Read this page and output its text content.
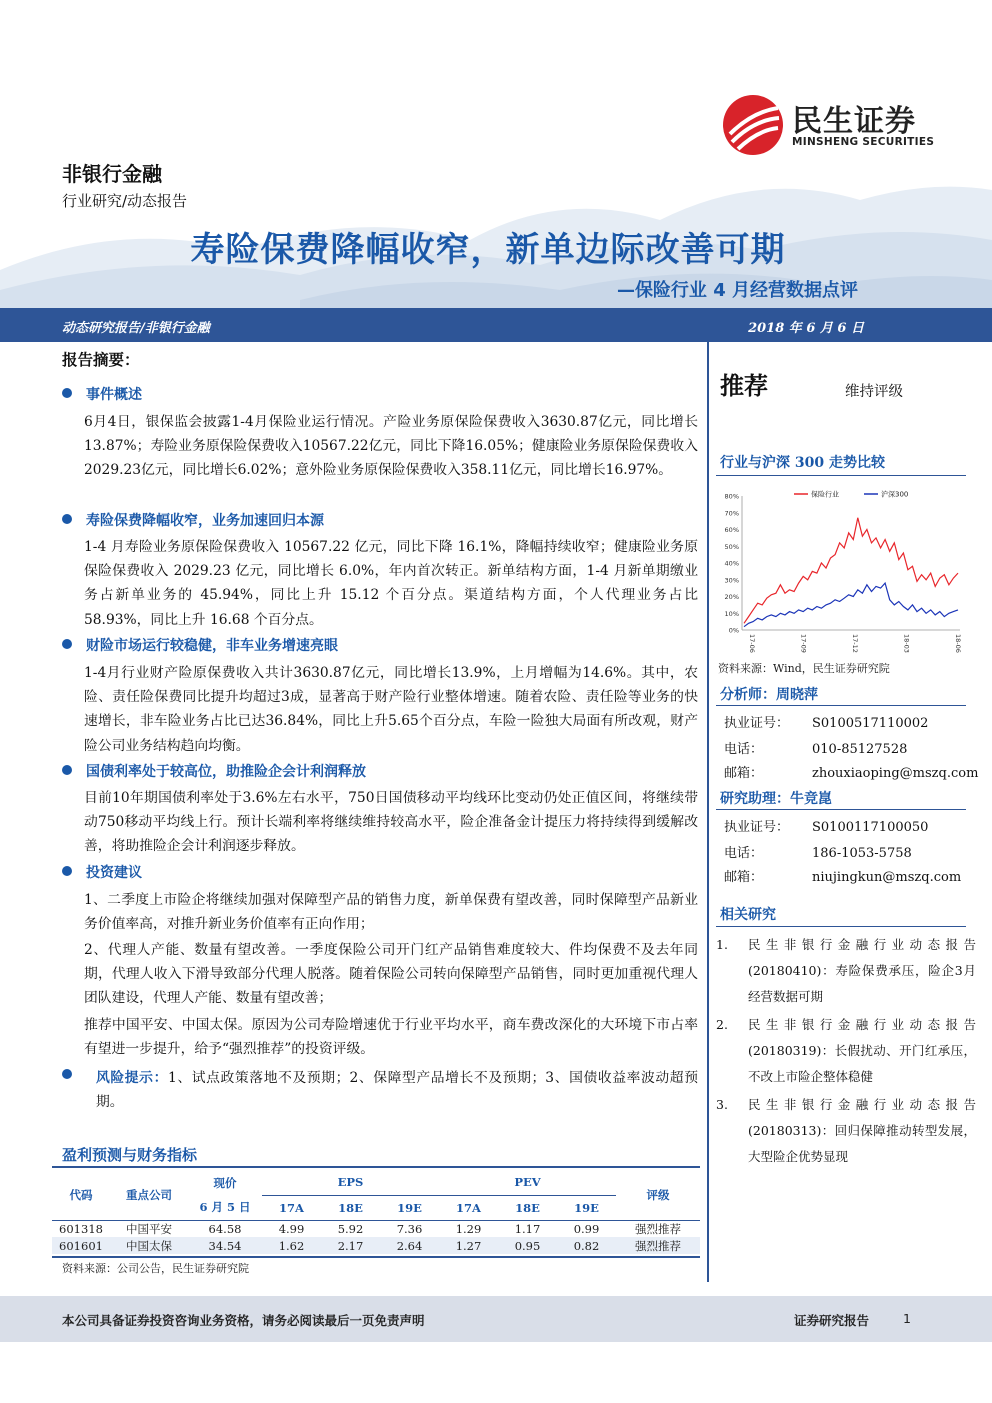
民生证券
MINSHENG SECURITIES
非银行金融
行业研究/动态报告
寿险保费降幅收窄，新单边际改善可期
—保险行业 4 月经营数据点评
动态研究报告/非银行金融	2018 年 6 月 6 日
报告摘要：
事件概述
6月4日，银保监会披露1-4月保险业运行情况。产险业务原保险保费收入3630.87亿元，同比增长13.87%；寿险业务原保险保费收入10567.22亿元，同比下降16.05%；健康险业务原保险保费收入2029.23亿元，同比增长6.02%；意外险业务原保险保费收入358.11亿元，同比增长16.97%。
寿险保费降幅收窄，业务加速回归本源
1-4 月寿险业务原保险保费收入 10567.22 亿元，同比下降 16.1%，降幅持续收窄；健康险业务原保险保费收入 2029.23 亿元，同比增长 6.0%，年内首次转正。新单结构方面，1-4 月新单期缴业务占新单业务的 45.94%，同比上升 15.12 个百分点。渠道结构方面，个人代理业务占比 58.93%，同比上升 16.68 个百分点。
财险市场运行较稳健，非车业务增速亮眼
1-4月行业财产险原保费收入共计3630.87亿元，同比增长13.9%，上月增幅为14.6%。其中，农险、责任险保费同比提升均超过3成，显著高于财产险行业整体增速。随着农险、责任险等业务的快速增长，非车险业务占比已达36.84%，同比上升5.65个百分点，车险一险独大局面有所改观，财产险公司业务结构趋向均衡。
国债利率处于较高位，助推险企会计利润释放
目前10年期国债利率处于3.6%左右水平，750日国债移动平均线环比变动仍处正值区间，将继续带动750移动平均线上行。预计长端利率将继续维持较高水平，险企准备金计提压力将持续得到缓解改善，将助推险企会计利润逐步释放。
投资建议
1、二季度上市险企将继续加强对保障型产品的销售力度，新单保费有望改善，同时保障型产品新业务价值率高，对推升新业务价值率有正向作用；
2、代理人产能、数量有望改善。一季度保险公司开门红产品销售难度较大、件均保费不及去年同期，代理人收入下滑导致部分代理人脱落。随着保险公司转向保障型产品销售，同时更加重视代理人团队建设，代理人产能、数量有望改善；
推荐中国平安、中国太保。原因为公司寿险增速优于行业平均水平，商车费改深化的大环境下市占率有望进一步提升，给予“强烈推荐”的投资评级。
风险提示：1、试点政策落地不及预期；2、保障型产品增长不及预期；3、国债收益率波动超预期。
盈利预测与财务指标
代码	重点公司	现价	EPS			PEV			评级
		6 月 5 日	17A	18E	19E	17A	18E	19E	
601318	中国平安	64.58	4.99	5.92	7.36	1.29	1.17	0.99	强烈推荐
601601	中国太保	34.54	1.62	2.17	2.64	1.27	0.95	0.82	强烈推荐
资料来源：公司公告，民生证券研究院
推荐	维持评级
行业与沪深 300 走势比较
0%
10%
20%
30%
40%
50%
60%
70%
80%
17-06	17-09	17-12	18-03	18-06
保险行业	沪深300
资料来源：Wind，民生证券研究院
分析师：周晓萍
执业证号： S0100517110002
电话：	010-85127528
邮箱：	zhouxiaoping@mszq.com
研究助理：牛竞崑
执业证号： S0100117100050
电话：	186-1053-5758
邮箱：	niujingkun@mszq.com
相关研究
1. 民生非银行金融行业动态报告(20180410)：寿险保费承压，险企3月经营数据可期
2. 民生非银行金融行业动态报告(20180319)：长假扰动、开门红承压，不改上市险企整体稳健
3. 民生非银行金融行业动态报告(20180313)：回归保障推动转型发展，大型险企优势显现
本公司具备证券投资咨询业务资格，请务必阅读最后一页免责声明	证券研究报告	1
